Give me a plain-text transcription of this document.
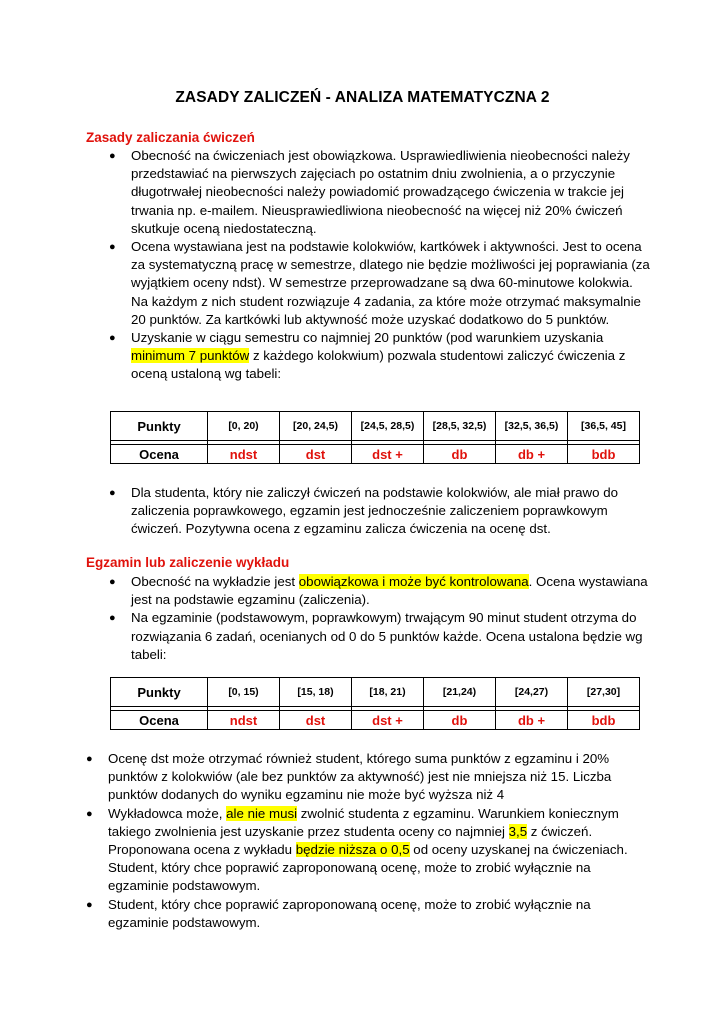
ZASADY ZALICZEŃ - ANALIZA MATEMATYCZNA 2
Zasady zaliczania ćwiczeń
● Obecność na ćwiczeniach jest obowiązkowa. Usprawiedliwienia nieobecności należy przedstawiać na pierwszych zajęciach po ostatnim dniu zwolnienia, a o przyczynie długotrwałej nieobecności należy powiadomić prowadzącego ćwiczenia w trakcie jej trwania np. e-mailem. Nieusprawiedliwiona nieobecność na więcej niż 20% ćwiczeń skutkuje oceną niedostateczną.
● Ocena wystawiana jest na podstawie kolokwiów, kartkówek i aktywności. Jest to ocena za systematyczną pracę w semestrze, dlatego nie będzie możliwości jej poprawiania (za wyjątkiem oceny ndst). W semestrze przeprowadzane są dwa 60-minutowe kolokwia. Na każdym z nich student rozwiązuje 4 zadania, za które może otrzymać maksymalnie 20 punktów. Za kartkówki lub aktywność może uzyskać dodatkowo do 5 punktów.
● Uzyskanie w ciągu semestru co najmniej 20 punktów (pod warunkiem uzyskania minimum 7 punktów z każdego kolokwium) pozwala studentowi zaliczyć ćwiczenia z oceną ustaloną wg tabeli:
Punkty	[0, 20)	[20, 24,5)	[24,5, 28,5)	[28,5, 32,5)	[32,5, 36,5)	[36,5, 45]

Ocena	ndst	dst	dst +	db	db +	bdb
● Dla studenta, który nie zaliczył ćwiczeń na podstawie kolokwiów, ale miał prawo do zaliczenia poprawkowego, egzamin jest jednocześnie zaliczeniem poprawkowym ćwiczeń. Pozytywna ocena z egzaminu zalicza ćwiczenia na ocenę dst.
Egzamin lub zaliczenie wykładu
● Obecność na wykładzie jest obowiązkowa i może być kontrolowana. Ocena wystawiana jest na podstawie egzaminu (zaliczenia).
● Na egzaminie (podstawowym, poprawkowym) trwającym 90 minut student otrzyma do rozwiązania 6 zadań, ocenianych od 0 do 5 punktów każde. Ocena ustalona będzie wg tabeli:
Punkty	[0, 15)	[15, 18)	[18, 21)	[21,24)	[24,27)	[27,30]

Ocena	ndst	dst	dst +	db	db +	bdb
● Ocenę dst może otrzymać również student, którego suma punktów z egzaminu i 20% punktów z kolokwiów (ale bez punktów za aktywność) jest nie mniejsza niż 15. Liczba punktów dodanych do wyniku egzaminu nie może być wyższa niż 4
● Wykładowca może, ale nie musi zwolnić studenta z egzaminu. Warunkiem koniecznym takiego zwolnienia jest uzyskanie przez studenta oceny co najmniej 3,5 z ćwiczeń. Proponowana ocena z wykładu będzie niższa o 0,5 od oceny uzyskanej na ćwiczeniach. Student, który chce poprawić zaproponowaną ocenę, może to zrobić wyłącznie na egzaminie podstawowym.
● Student, który chce poprawić zaproponowaną ocenę, może to zrobić wyłącznie na egzaminie podstawowym.
